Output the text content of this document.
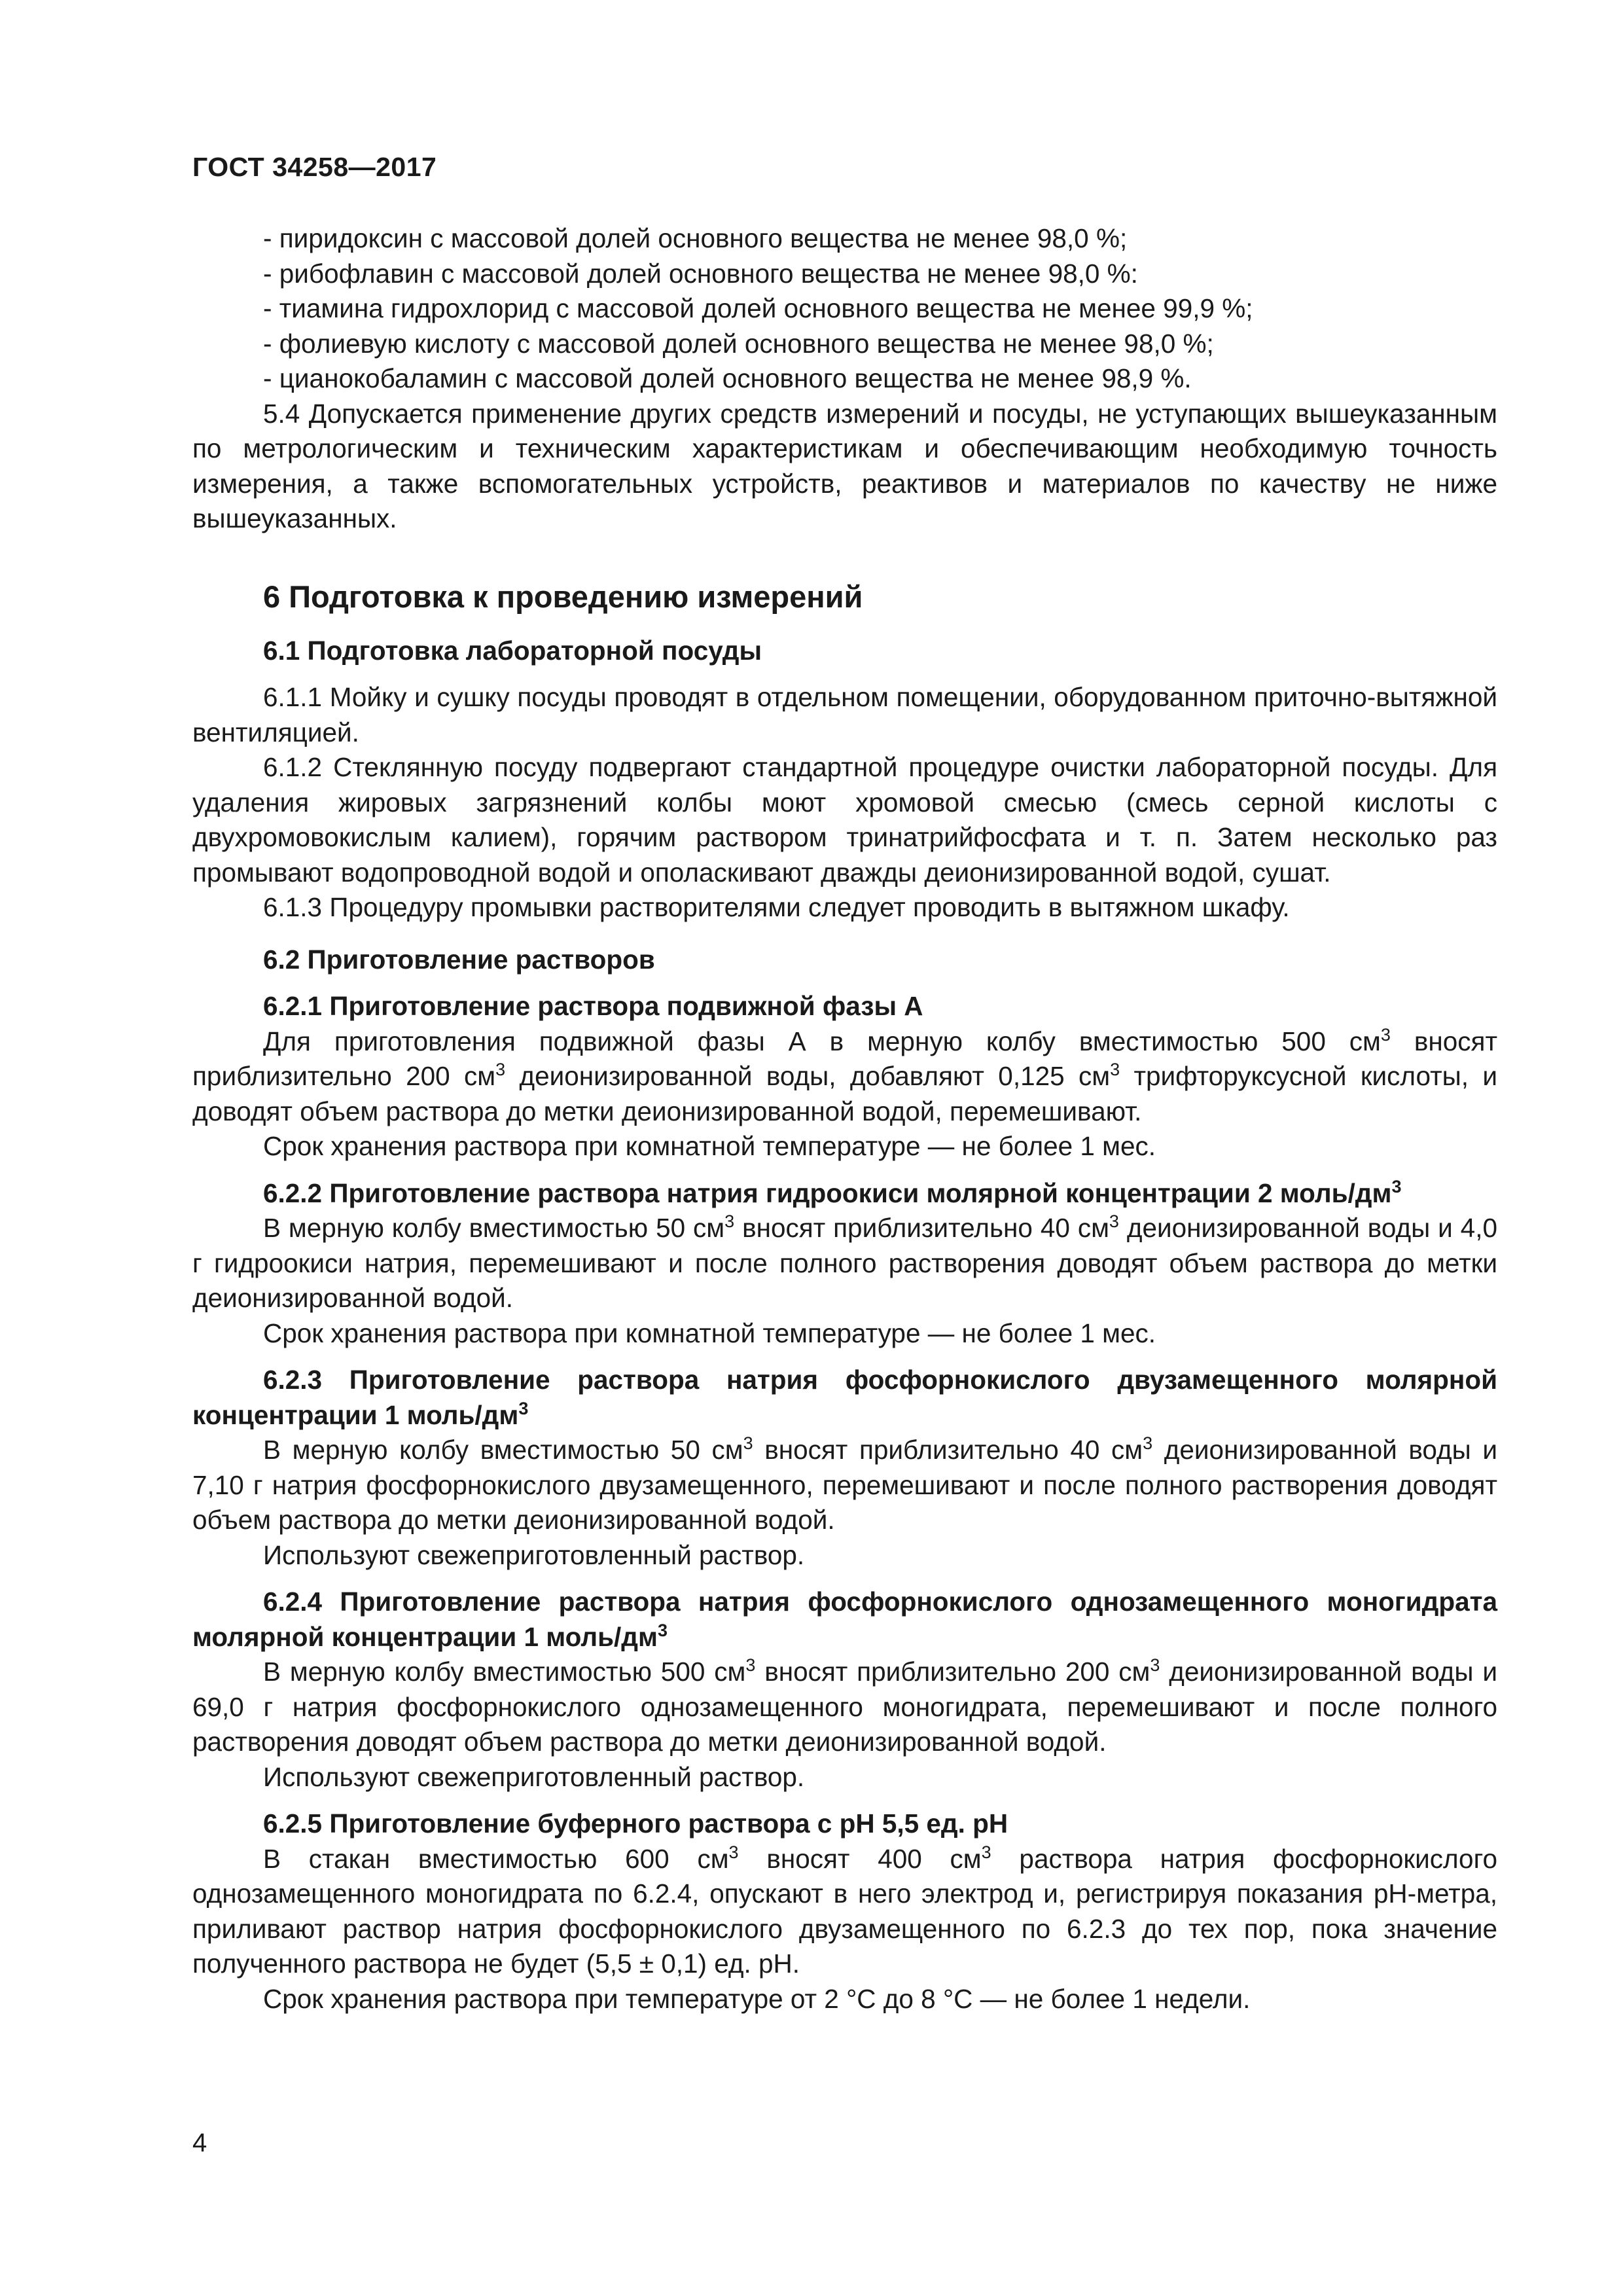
ГОСТ 34258—2017

- пиридоксин с массовой долей основного вещества не менее 98,0 %;

- рибофлавин с массовой долей основного вещества не менее 98,0 %:

- тиамина гидрохлорид с массовой долей основного вещества не менее 99,9 %;

- фолиевую кислоту с массовой долей основного вещества не менее 98,0 %;

- цианокобаламин с массовой долей основного вещества не менее 98,9 %.

5.4 Допускается применение других средств измерений и посуды, не уступающих вышеуказанным по метрологическим и техническим характеристикам и обеспечивающим необходимую точность измерения, а также вспомогательных устройств, реактивов и материалов по качеству не ниже вышеуказанных.

6 Подготовка к проведению измерений
6.1 Подготовка лабораторной посуды

6.1.1 Мойку и сушку посуды проводят в отдельном помещении, оборудованном приточно-вытяжной вентиляцией.

6.1.2 Стеклянную посуду подвергают стандартной процедуре очистки лабораторной посуды. Для удаления жировых загрязнений колбы моют хромовой смесью (смесь серной кислоты с двухромовокислым калием), горячим раствором тринатрийфосфата и т. п. Затем несколько раз промывают водопроводной водой и ополаскивают дважды деионизированной водой, сушат.

6.1.3 Процедуру промывки растворителями следует проводить в вытяжном шкафу.

6.2 Приготовление растворов
6.2.1 Приготовление раствора подвижной фазы А

Для приготовления подвижной фазы А в мерную колбу вместимостью 500 $см^3$ вносят приблизительно 200 $см^3$ деионизированной воды, добавляют 0,125 $см^3$ трифторуксусной кислоты, и доводят объем раствора до метки деионизированной водой, перемешивают.

Срок хранения раствора при комнатной температуре — не более 1 мес.

6.2.2 Приготовление раствора натрия гидроокиси молярной концентрации 2 моль/$дм^3$

В мерную колбу вместимостью 50 $см^3$ вносят приблизительно 40 $см^3$ деионизированной воды и 4,0 г гидроокиси натрия, перемешивают и после полного растворения доводят объем раствора до метки деионизированной водой.

Срок хранения раствора при комнатной температуре — не более 1 мес.

6.2.3 Приготовление раствора натрия фосфорнокислого двузамещенного молярной концентрации 1 моль/$дм^3$

В мерную колбу вместимостью 50 $см^3$ вносят приблизительно 40 $см^3$ деионизированной воды и 7,10 г натрия фосфорнокислого двузамещенного, перемешивают и после полного растворения доводят объем раствора до метки деионизированной водой.

Используют свежеприготовленный раствор.

6.2.4 Приготовление раствора натрия фосфорнокислого однозамещенного моногидрата молярной концентрации 1 моль/$дм^3$

В мерную колбу вместимостью 500 $см^3$ вносят приблизительно 200 $см^3$ деионизированной воды и 69,0 г натрия фосфорнокислого однозамещенного моногидрата, перемешивают и после полного растворения доводят объем раствора до метки деионизированной водой.

Используют свежеприготовленный раствор.

6.2.5 Приготовление буферного раствора с рН 5,5 ед. рН

В стакан вместимостью 600 $см^3$ вносят 400 $см^3$ раствора натрия фосфорнокислого однозамещенного моногидрата по 6.2.4, опускают в него электрод и, регистрируя показания рН-метра, приливают раствор натрия фосфорнокислого двузамещенного по 6.2.3 до тех пор, пока значение полученного раствора не будет (5,5 ± 0,1) ед. рН.

Срок хранения раствора при температуре от 2 °С до 8 °С — не более 1 недели.

4
